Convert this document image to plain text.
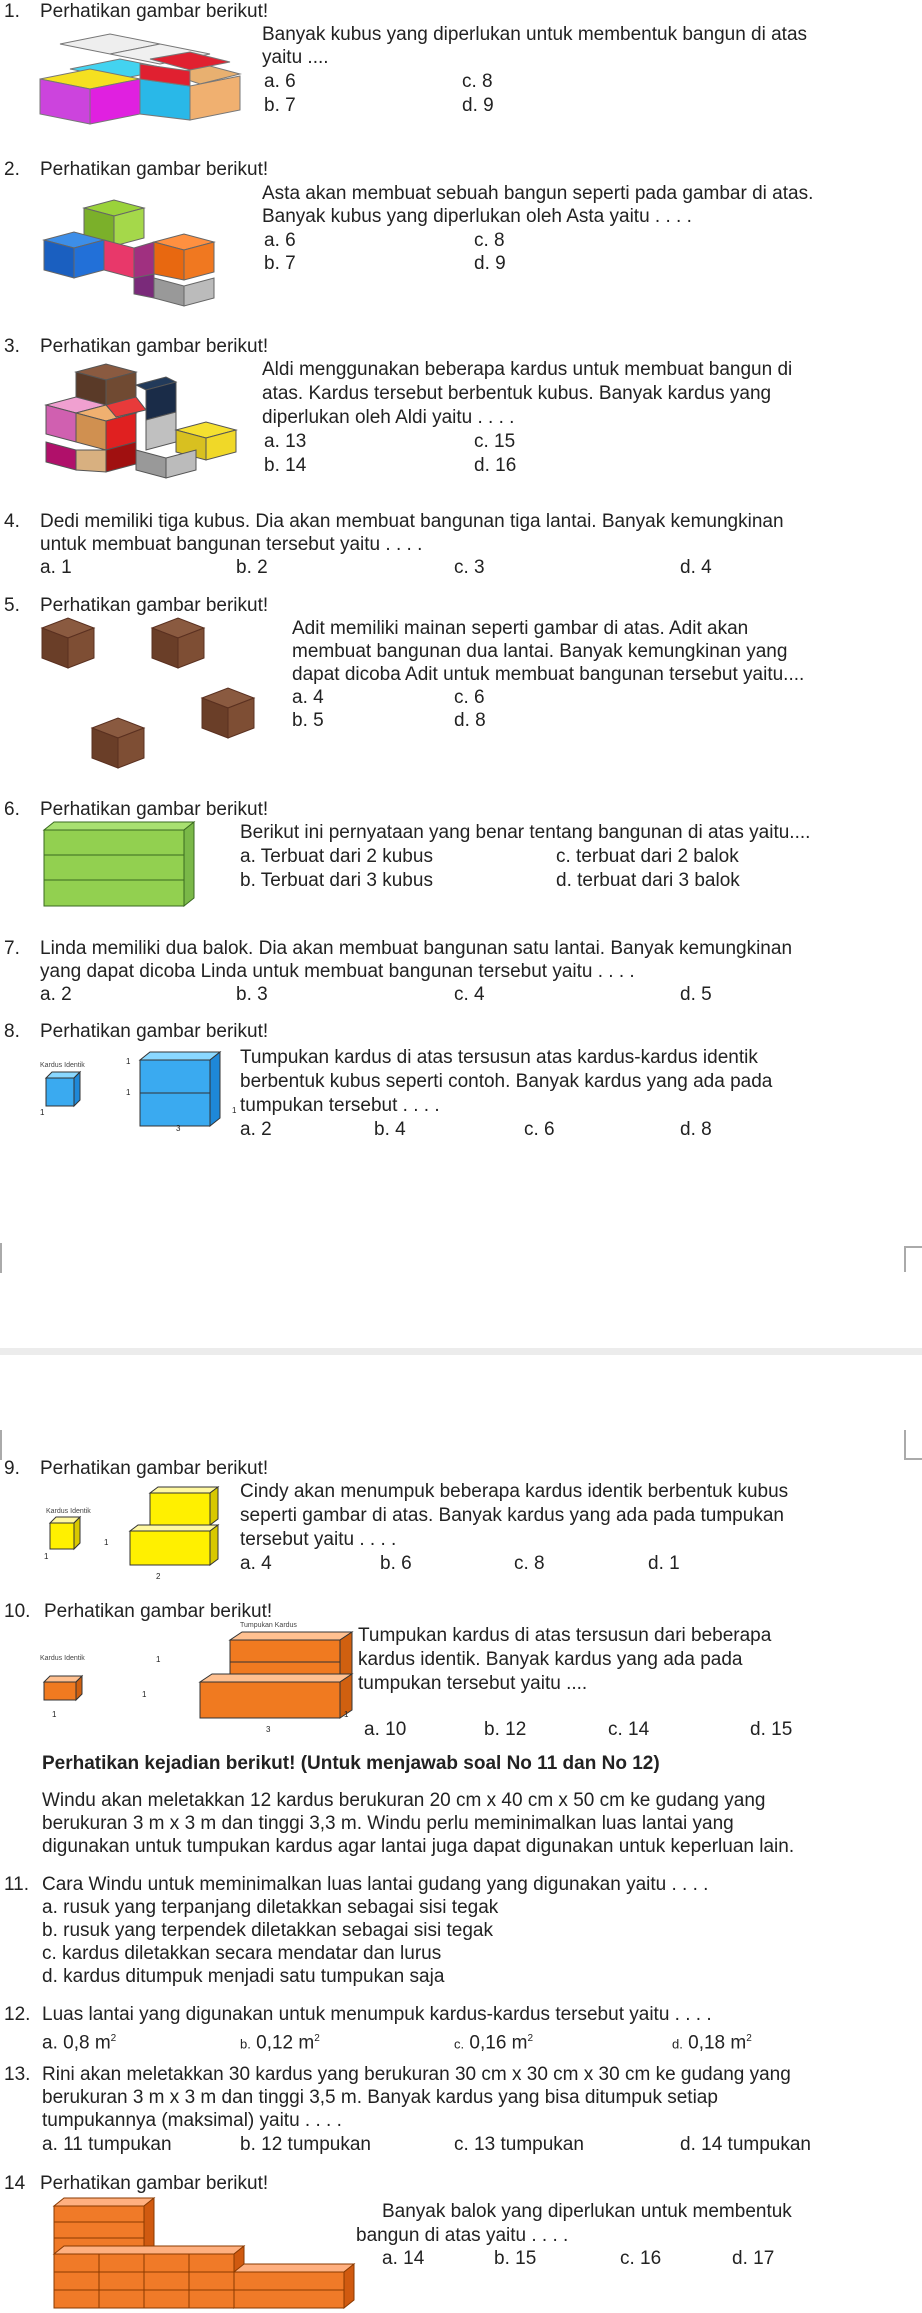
1. Perhatikan gambar berikut!
Banyak kubus yang diperlukan untuk membentuk bangun di atas
yaitu ....
a. 6	c. 8
b. 7	d. 9
2. Perhatikan gambar berikut!
Asta akan membuat sebuah bangun seperti pada gambar di atas.
Banyak kubus yang diperlukan oleh Asta yaitu . . . .
a. 6	c. 8
b. 7	d. 9
3. Perhatikan gambar berikut!
Aldi menggunakan beberapa kardus untuk membuat bangun di
atas. Kardus tersebut berbentuk kubus. Banyak kardus yang
diperlukan oleh Aldi yaitu . . . .
a. 13	c. 15
b. 14	d. 16
4. Dedi memiliki tiga kubus. Dia akan membuat bangunan tiga lantai. Banyak kemungkinan
untuk membuat bangunan tersebut yaitu . . . .
a. 1	b. 2	c. 3	d. 4
5. Perhatikan gambar berikut!
Adit memiliki mainan seperti gambar di atas. Adit akan
membuat bangunan dua lantai. Banyak kemungkinan yang
dapat dicoba Adit untuk membuat bangunan tersebut yaitu....
a. 4	c. 6
b. 5	d. 8
6. Perhatikan gambar berikut!
Berikut ini pernyataan yang benar tentang bangunan di atas yaitu....
a. Terbuat dari 2 kubus	c. terbuat dari 2 balok
b. Terbuat dari 3 kubus	d. terbuat dari 3 balok
7. Linda memiliki dua balok. Dia akan membuat bangunan satu lantai. Banyak kemungkinan
yang dapat dicoba Linda untuk membuat bangunan tersebut yaitu . . . .
a. 2	b. 3	c. 4	d. 5
8. Perhatikan gambar berikut!
Kardus Identik
1
1
1
3
1
Tumpukan kardus di atas tersusun atas kardus-kardus identik
berbentuk kubus seperti contoh. Banyak kardus yang ada pada
tumpukan tersebut . . . .
a. 2	b. 4	c. 6	d. 8
9. Perhatikan gambar berikut!
Kardus Identik
1
1
2
Cindy akan menumpuk beberapa kardus identik berbentuk kubus
seperti gambar di atas. Banyak kardus yang ada pada tumpukan
tersebut yaitu . . . .
a. 4	b. 6	c. 8	d. 1
10. Perhatikan gambar berikut!
Kardus Identik
Tumpukan Kardus
1
1
1
3
1
Tumpukan kardus di atas tersusun dari beberapa
kardus identik. Banyak kardus yang ada pada
tumpukan tersebut yaitu ....
a. 10	b. 12	c. 14	d. 15
Perhatikan kejadian berikut! (Untuk menjawab soal No 11 dan No 12)
Windu akan meletakkan 12 kardus berukuran 20 cm x 40 cm x 50 cm ke gudang yang
berukuran 3 m x 3 m dan tinggi 3,3 m. Windu perlu meminimalkan luas lantai yang
digunakan untuk tumpukan kardus agar lantai juga dapat digunakan untuk keperluan lain.
11. Cara Windu untuk meminimalkan luas lantai gudang yang digunakan yaitu . . . .
a. rusuk yang terpanjang diletakkan sebagai sisi tegak
b. rusuk yang terpendek diletakkan sebagai sisi tegak
c. kardus diletakkan secara mendatar dan lurus
d. kardus ditumpuk menjadi satu tumpukan saja
12. Luas lantai yang digunakan untuk menumpuk kardus-kardus tersebut yaitu . . . .
a. 0,8 $m^2$	b. 0,12 $m^2$	c. 0,16 $m^2$	d. 0,18 $m^2$
13. Rini akan meletakkan 30 kardus yang berukuran 30 cm x 30 cm x 30 cm ke gudang yang
berukuran 3 m x 3 m dan tinggi 3,5 m. Banyak kardus yang bisa ditumpuk setiap
tumpukannya (maksimal) yaitu . . . .
a. 11 tumpukan	b. 12 tumpukan	c. 13 tumpukan	d. 14 tumpukan
14 Perhatikan gambar berikut!
Banyak balok yang diperlukan untuk membentuk
bangun di atas yaitu . . . .
a. 14	b. 15	c. 16	d. 17
